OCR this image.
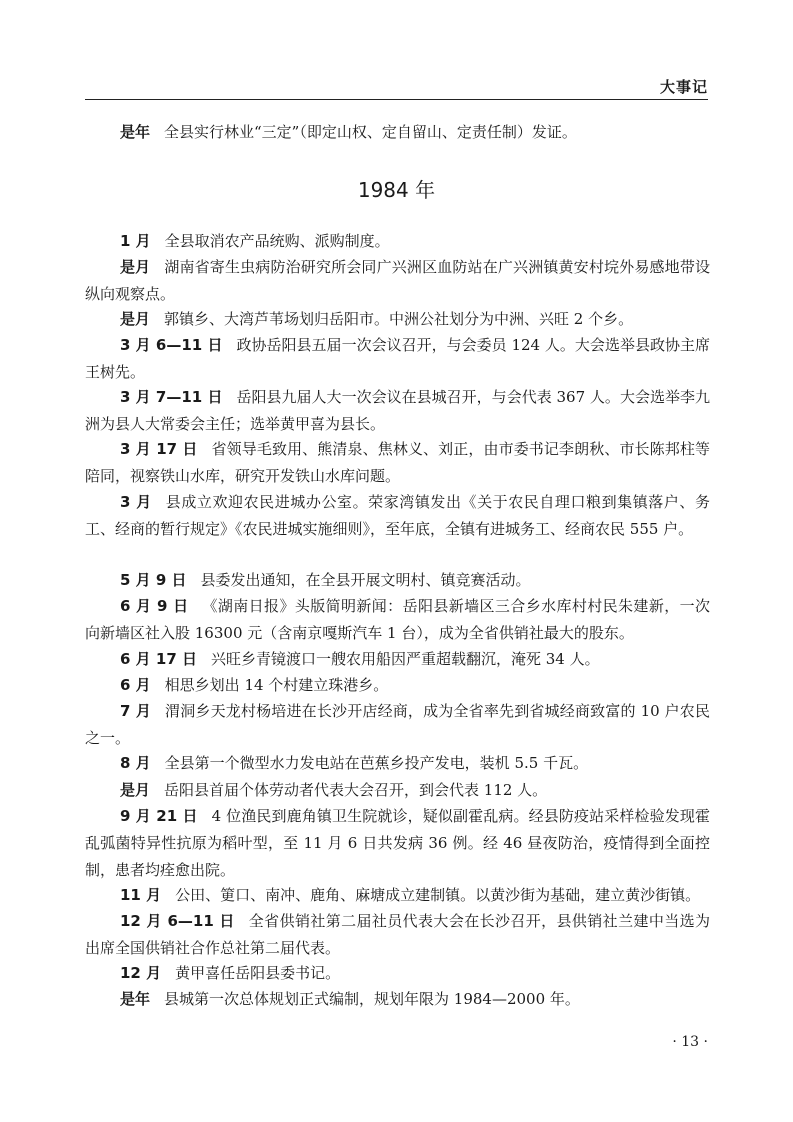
大事记

是年 全县实行林业“三定”（即定山权、定自留山、定责任制）发证。

1984 年

1 月 全县取消农产品统购、派购制度。

是月 湖南省寄生虫病防治研究所会同广兴洲区血防站在广兴洲镇黄安村垸外易感地带设纵向观察点。

是月 郭镇乡、大湾芦苇场划归岳阳市。中洲公社划分为中洲、兴旺 2 个乡。

3 月 6—11 日 政协岳阳县五届一次会议召开，与会委员 124 人。大会选举县政协主席王树先。

3 月 7—11 日 岳阳县九届人大一次会议在县城召开，与会代表 367 人。大会选举李九洲为县人大常委会主任；选举黄甲喜为县长。

3 月 17 日 省领导毛致用、熊清泉、焦林义、刘正，由市委书记李朗秋、市长陈邦柱等陪同，视察铁山水库，研究开发铁山水库问题。

3 月 县成立欢迎农民进城办公室。荣家湾镇发出《关于农民自理口粮到集镇落户、务工、经商的暂行规定》《农民进城实施细则》，至年底，全镇有进城务工、经商农民 555 户。

5 月 9 日 县委发出通知，在全县开展文明村、镇竞赛活动。

6 月 9 日 《湖南日报》头版简明新闻：岳阳县新墙区三合乡水库村村民朱建新，一次向新墙区社入股 16300 元（含南京嘎斯汽车 1 台），成为全省供销社最大的股东。

6 月 17 日 兴旺乡青镜渡口一艘农用船因严重超载翻沉，淹死 34 人。

6 月 相思乡划出 14 个村建立珠港乡。

7 月 渭洞乡天龙村杨培进在长沙开店经商，成为全省率先到省城经商致富的 10 户农民之一。

8 月 全县第一个微型水力发电站在芭蕉乡投产发电，装机 5.5 千瓦。

是月 岳阳县首届个体劳动者代表大会召开，到会代表 112 人。

9 月 21 日 4 位渔民到鹿角镇卫生院就诊，疑似副霍乱病。经县防疫站采样检验发现霍乱弧菌特异性抗原为稻叶型，至 11 月 6 日共发病 36 例。经 46 昼夜防治，疫情得到全面控制，患者均痊愈出院。

11 月 公田、筻口、南冲、鹿角、麻塘成立建制镇。以黄沙街为基础，建立黄沙街镇。

12 月 6—11 日 全省供销社第二届社员代表大会在长沙召开，县供销社兰建中当选为出席全国供销社合作总社第二届代表。

12 月 黄甲喜任岳阳县委书记。

是年 县城第一次总体规划正式编制，规划年限为 1984—2000 年。

· 13 ·
